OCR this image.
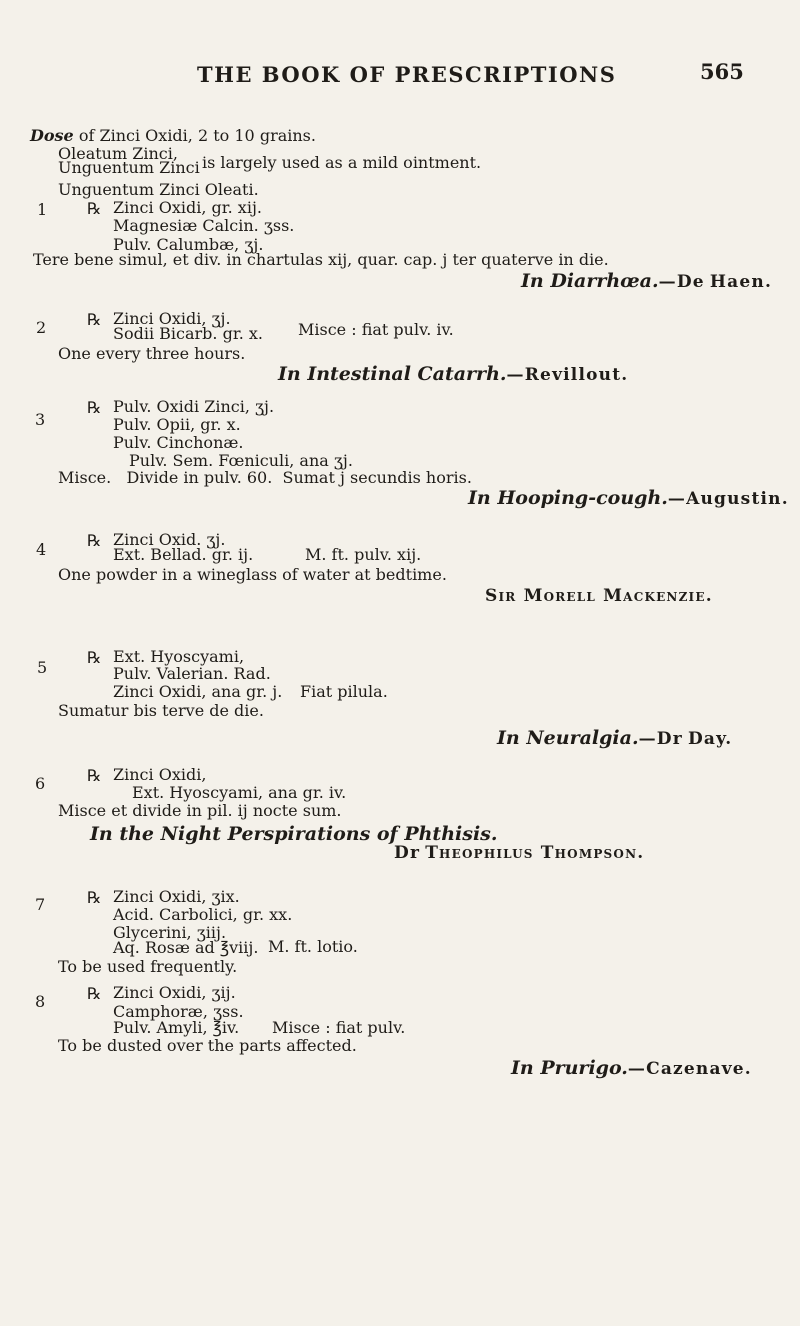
THE BOOK OF PRESCRIPTIONS	565
Dose of Zinci Oxidi, 2 to 10 grains.
Oleatum Zinci,
Unguentum Zinci is largely used as a mild ointment.
Unguentum Zinci Oleati.
1 ℞ Zinci Oxidi, gr. xij.
Magnesiæ Calcin. ʒss.
Pulv. Calumbæ, ʒj.
Tere bene simul, et div. in chartulas xij, quar. cap. j ter quaterve in die.
In Diarrhœa.—De Haen.
2	℞ Zinci Oxidi, ʒj.
Sodii Bicarb. gr. x. Misce : fiat pulv. iv.
One every three hours.
In Intestinal Catarrh.—Revillout.
3
℞ Pulv. Oxidi Zinci, ʒj.
Pulv. Opii, gr. x.
Pulv. Cinchonæ.
Pulv. Sem. Fœniculi, ana ʒj.
Misce.   Divide in pulv. 60.  Sumat j secundis horis.
In Hooping-cough.—Augustin.
4	℞ Zinci Oxid. ʒj.
Ext. Bellad. gr. ij.	M. ft. pulv. xij.
One powder in a wineglass of water at bedtime.
Sir Morell Mackenzie.
5
℞ Ext. Hyoscyami,
Pulv. Valerian. Rad.
Zinci Oxidi, ana gr. j. Fiat pilula.
Sumatur bis terve de die.
In Neuralgia.—Dr Day.
6	℞ Zinci Oxidi,
Ext. Hyoscyami, ana gr. iv.
Misce et divide in pil. ij nocte sum.
In the Night Perspirations of Phthisis.
Dr Theophilus Thompson.
7	℞ Zinci Oxidi, ʒix.
Acid. Carbolici, gr. xx.
Glycerini, ʒiij.
Aq. Rosæ ad ℥viij. M. ft. lotio.
To be used frequently.
8	℞ Zinci Oxidi, ʒij.
Camphoræ, ʒss.
Pulv. Amyli, ℥iv. Misce : fiat pulv.
To be dusted over the parts affected.
In Prurigo.—Cazenave.
